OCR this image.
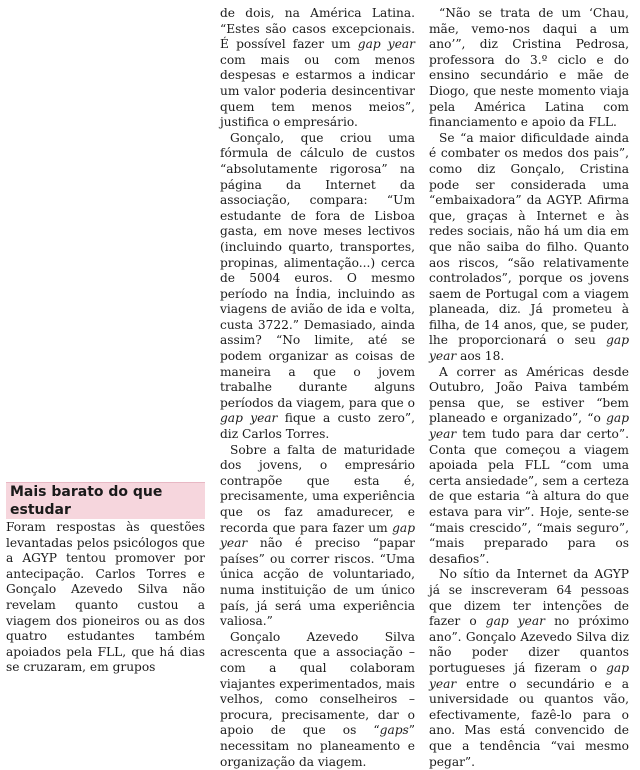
Mais barato do que estudar

Foram respostas às questões levantadas pelos psicólogos que a AGYP tentou promover por antecipação. Carlos Torres e Gonçalo Azevedo Silva não revelam quanto custou a viagem dos pioneiros ou as dos quatro estudantes também apoiados pela FLL, que há dias se cruzaram, em grupos

de dois, na América Latina. “Estes são casos excepcionais. É possível fazer um gap year com mais ou com menos despesas e estarmos a indicar um valor poderia desincentivar quem tem menos meios”, justifica o empresário.

Gonçalo, que criou uma fórmula de cálculo de custos “absolutamente rigorosa” na página da Internet da associação, compara: “Um estudante de fora de Lisboa gasta, em nove meses lectivos (incluindo quarto, transportes, propinas, alimentação...) cerca de 5004 euros. O mesmo período na Índia, incluindo as viagens de avião de ida e volta, custa 3722.” Demasiado, ainda assim? “No limite, até se podem organizar as coisas de maneira a que o jovem trabalhe durante alguns períodos da viagem, para que o gap year fique a custo zero”, diz Carlos Torres.

Sobre a falta de maturidade dos jovens, o empresário contrapõe que esta é, precisamente, uma experiência que os faz amadurecer, e recorda que para fazer um gap year não é preciso “papar países” ou correr riscos. “Uma única acção de voluntariado, numa instituição de um único país, já será uma experiência valiosa.”

Gonçalo Azevedo Silva acrescenta que a associação – com a qual colaboram viajantes experimentados, mais velhos, como conselheiros – procura, precisamente, dar o apoio de que os “gaps” necessitam no planeamento e organização da viagem.

“Não se trata de um ‘Chau, mãe, vemo-nos daqui a um ano’”, diz Cristina Pedrosa, professora do 3.º ciclo e do ensino secundário e mãe de Diogo, que neste momento viaja pela América Latina com financiamento e apoio da FLL.

Se “a maior dificuldade ainda é combater os medos dos pais”, como diz Gonçalo, Cristina pode ser considerada uma “embaixadora” da AGYP. Afirma que, graças à Internet e às redes sociais, não há um dia em que não saiba do filho. Quanto aos riscos, “são relativamente controlados”, porque os jovens saem de Portugal com a viagem planeada, diz. Já prometeu à filha, de 14 anos, que, se puder, lhe proporcionará o seu gap year aos 18.

A correr as Américas desde Outubro, João Paiva também pensa que, se estiver “bem planeado e organizado”, “o gap year tem tudo para dar certo”. Conta que começou a viagem apoiada pela FLL “com uma certa ansiedade”, sem a certeza de que estaria “à altura do que estava para vir”. Hoje, sente-se “mais crescido”, “mais seguro”, “mais preparado para os desafios”.

No sítio da Internet da AGYP já se inscreveram 64 pessoas que dizem ter intenções de fazer o gap year no próximo ano”. Gonçalo Azevedo Silva diz não poder dizer quantos portugueses já fizeram o gap year entre o secundário e a universidade ou quantos vão, efectivamente, fazê-lo para o ano. Mas está convencido de que a tendência “vai mesmo pegar”.
